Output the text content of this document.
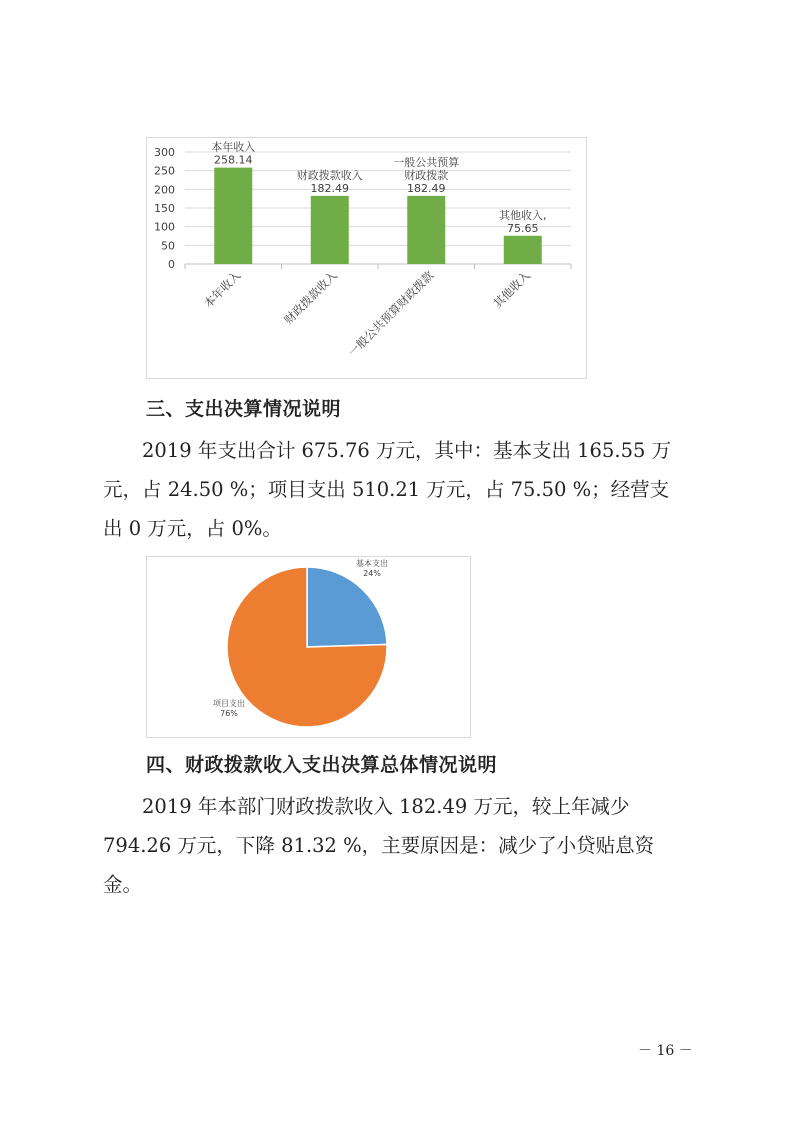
0
50
100
150
200
250
300	本年收入
258.14
本年收入
财政拨款收入
182.49
财政拨款收入
一般公共预算
财政拨款
182.49
一般公共预算财政拨款
其他收入,
75.65
其他收入
三、支出决算情况说明
2019 年支出合计 675.76 万元，其中：基本支出 165.55 万
元，占 24.50 %；项目支出 510.21 万元，占 75.50 %；经营支
出 0 万元，占 0%。
基本支出
24%
项目支出
76%
四、财政拨款收入支出决算总体情况说明
2019 年本部门财政拨款收入 182.49 万元，较上年减少
794.26 万元，下降 81.32 %，主要原因是：减少了小贷贴息资
金。
－ 16 －
